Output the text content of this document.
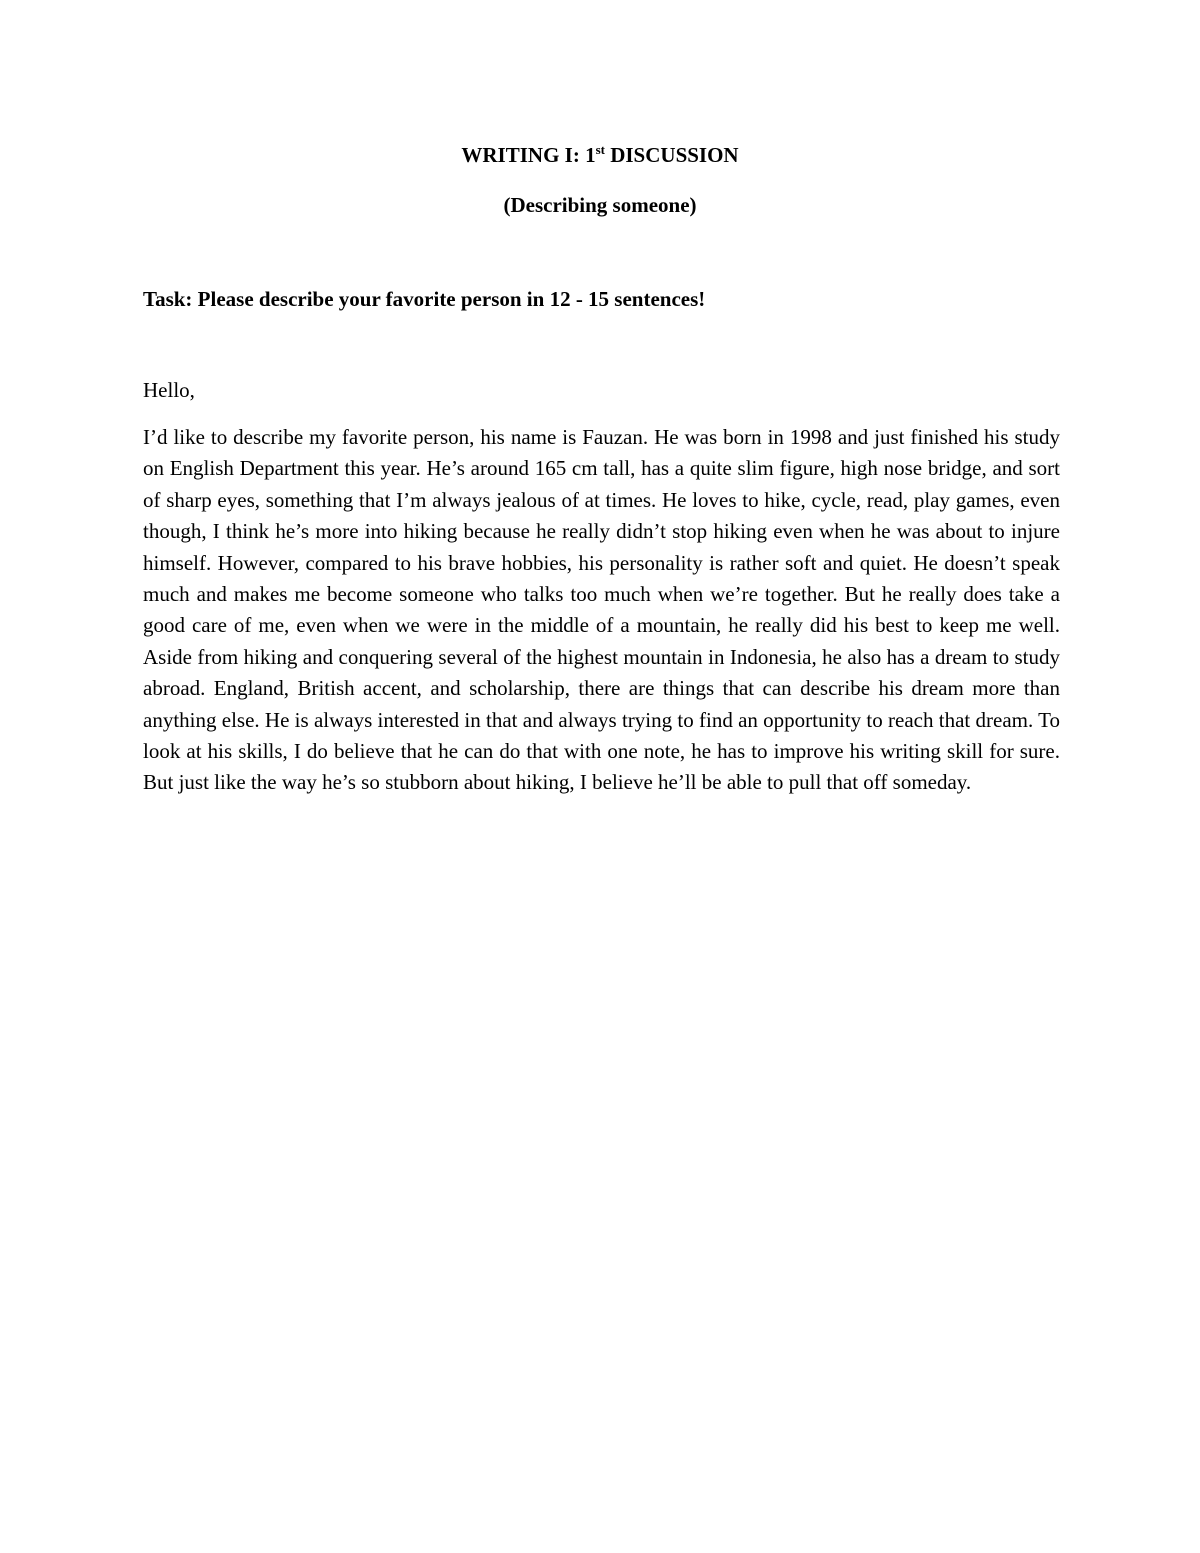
WRITING I: 1st DISCUSSION
(Describing someone)
Task: Please describe your favorite person in 12 - 15 sentences!
Hello,

I’d like to describe my favorite person, his name is Fauzan. He was born in 1998 and just finished his study on English Department this year. He’s around 165 cm tall, has a quite slim figure, high nose bridge, and sort of sharp eyes, something that I’m always jealous of at times. He loves to hike, cycle, read, play games, even though, I think he’s more into hiking because he really didn’t stop hiking even when he was about to injure himself. However, compared to his brave hobbies, his personality is rather soft and quiet. He doesn’t speak much and makes me become someone who talks too much when we’re together. But he really does take a good care of me, even when we were in the middle of a mountain, he really did his best to keep me well. Aside from hiking and conquering several of the highest mountain in Indonesia, he also has a dream to study abroad. England, British accent, and scholarship, there are things that can describe his dream more than anything else. He is always interested in that and always trying to find an opportunity to reach that dream. To look at his skills, I do believe that he can do that with one note, he has to improve his writing skill for sure. But just like the way he’s so stubborn about hiking, I believe he’ll be able to pull that off someday.
